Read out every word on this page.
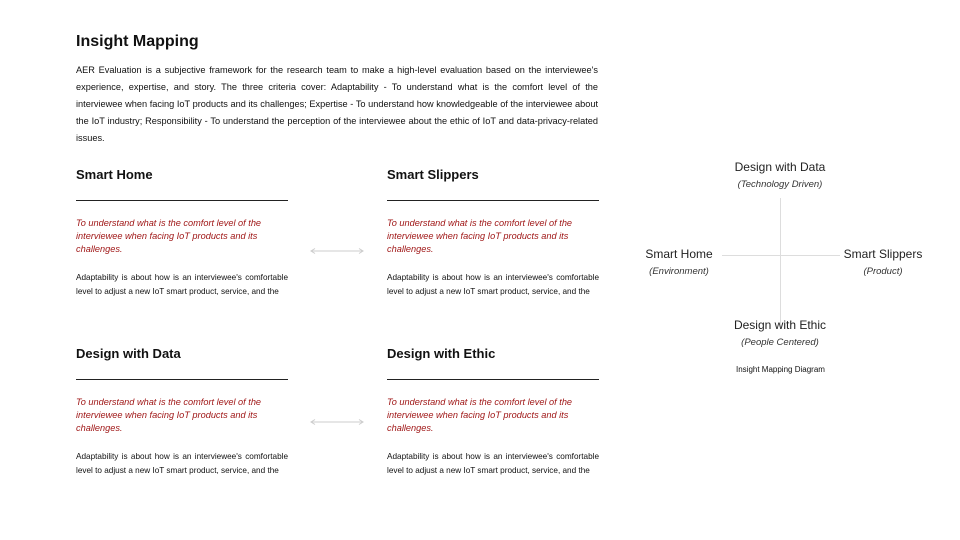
Insight Mapping

AER Evaluation is a subjective framework for the research team to make a high-level evaluation based on the interviewee's experience, expertise, and story. The three criteria cover: Adaptability - To understand what is the comfort level of the interviewee when facing IoT products and its challenges; Expertise - To understand how knowledgeable of the interviewee about the IoT industry; Responsibility - To understand the perception of the interviewee about the ethic of IoT and data-privacy-related issues.

Smart Home

To understand what is the comfort level of the interviewee when facing IoT products and its challenges.

Adaptability is about how is an interviewee's comfortable level to adjust a new IoT smart product, service, and the

Smart Slippers

To understand what is the comfort level of the interviewee when facing IoT products and its challenges.

Adaptability is about how is an interviewee's comfortable level to adjust a new IoT smart product, service, and the

Design with Data

To understand what is the comfort level of the interviewee when facing IoT products and its challenges.

Adaptability is about how is an interviewee's comfortable level to adjust a new IoT smart product, service, and the

Design with Ethic

To understand what is the comfort level of the interviewee when facing IoT products and its challenges.

Adaptability is about how is an interviewee's comfortable level to adjust a new IoT smart product, service, and the

Design with Data
(Technology Driven)
Smart Home
(Environment)
Smart Slippers
(Product)
Design with Ethic
(People Centered)
Insight Mapping Diagram
